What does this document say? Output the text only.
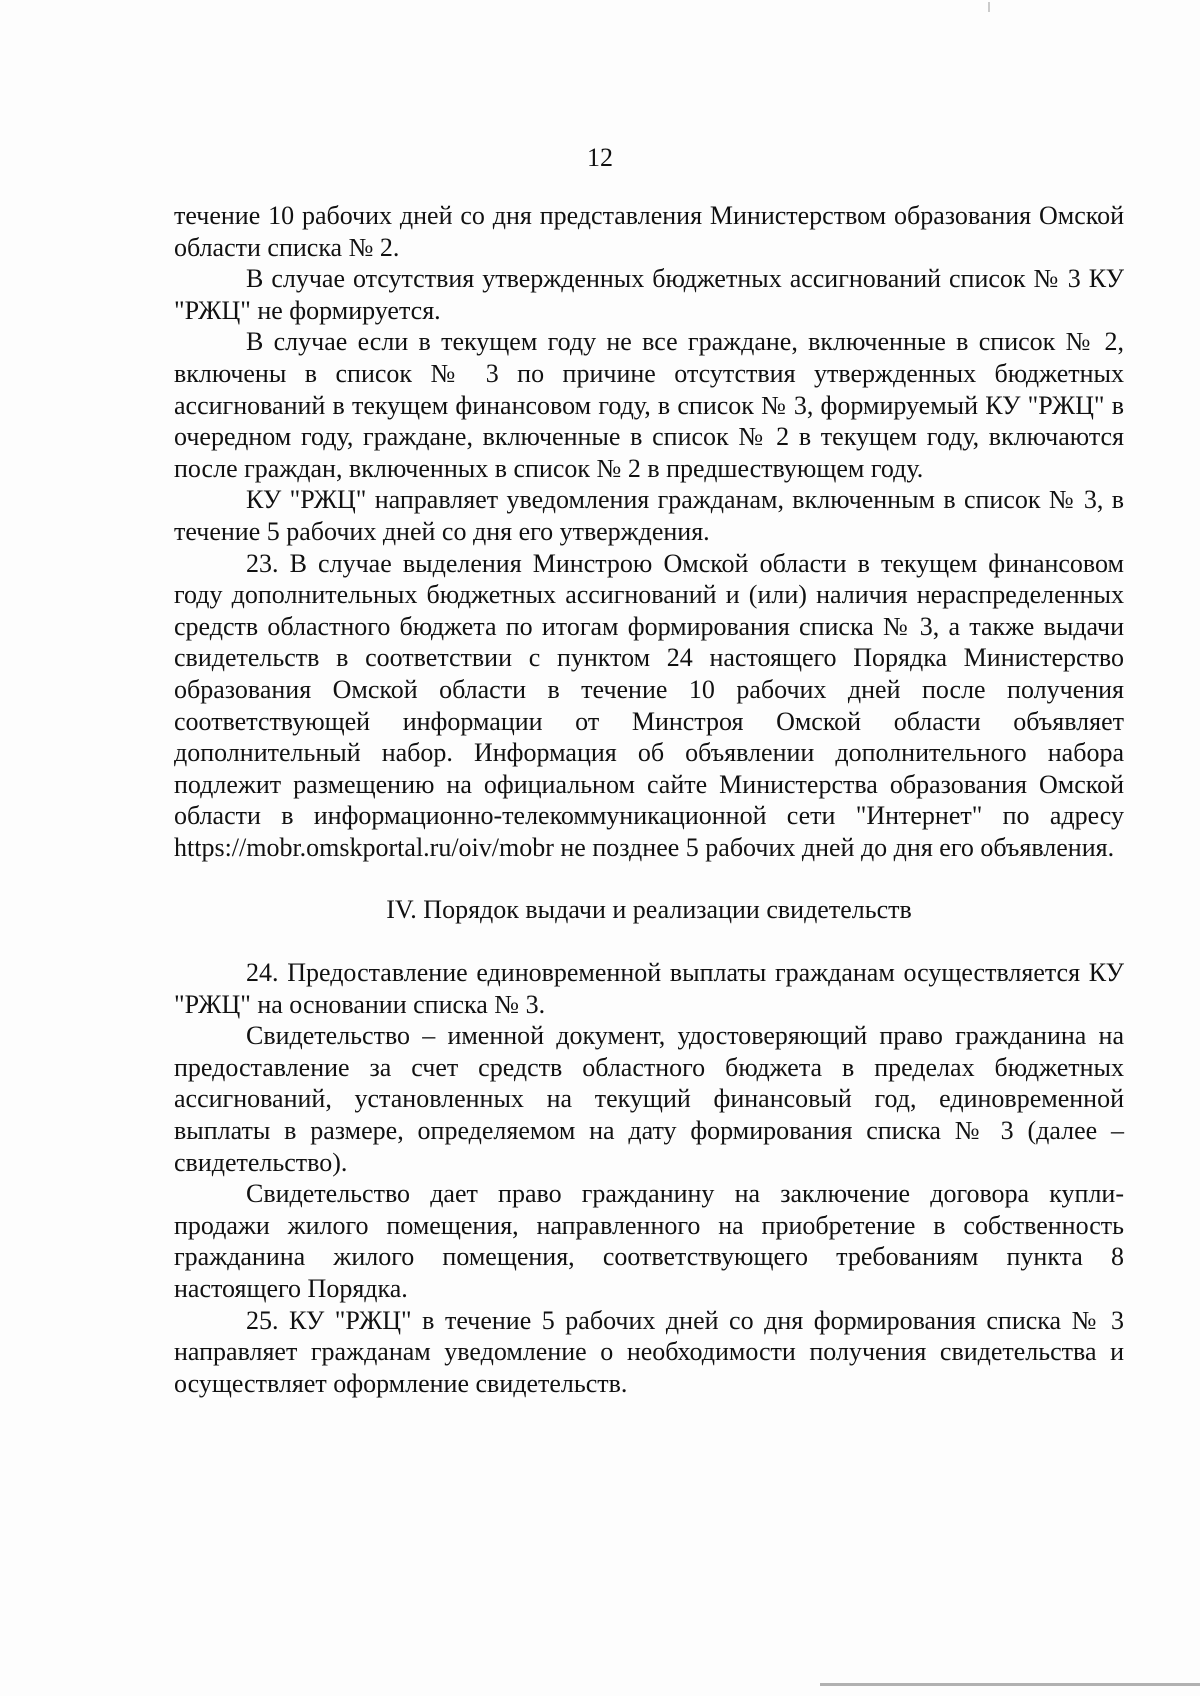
12

течение 10 рабочих дней со дня представления Министерством образования Омской области списка № 2.

В случае отсутствия утвержденных бюджетных ассигнований список № 3 КУ "РЖЦ" не формируется.

В случае если в текущем году не все граждане, включенные в список № 2, включены в список № 3 по причине отсутствия утвержденных бюджетных ассигнований в текущем финансовом году, в список № 3, формируемый КУ "РЖЦ" в очередном году, граждане, включенные в список № 2 в текущем году, включаются после граждан, включенных в список № 2 в предшествующем году.

КУ "РЖЦ" направляет уведомления гражданам, включенным в список № 3, в течение 5 рабочих дней со дня его утверждения.

23. В случае выделения Минстрою Омской области в текущем финансовом году дополнительных бюджетных ассигнований и (или) наличия нераспределенных средств областного бюджета по итогам формирования списка № 3, а также выдачи свидетельств в соответствии с пунктом 24 настоящего Порядка Министерство образования Омской области в течение 10 рабочих дней после получения соответствующей информации от Минстроя Омской области объявляет дополнительный набор. Информация об объявлении дополнительного набора подлежит размещению на официальном сайте Министерства образования Омской области в информационно-телекоммуникационной сети "Интернет" по адресу https://mobr.omskportal.ru/oiv/mobr не позднее 5 рабочих дней до дня его объявления.

IV. Порядок выдачи и реализации свидетельств

24. Предоставление единовременной выплаты гражданам осуществляется КУ "РЖЦ" на основании списка № 3.

Свидетельство – именной документ, удостоверяющий право гражданина на предоставление за счет средств областного бюджета в пределах бюджетных ассигнований, установленных на текущий финансовый год, единовременной выплаты в размере, определяемом на дату формирования списка № 3 (далее – свидетельство).

Свидетельство дает право гражданину на заключение договора купли-продажи жилого помещения, направленного на приобретение в собственность гражданина жилого помещения, соответствующего требованиям пункта 8 настоящего Порядка.

25. КУ "РЖЦ" в течение 5 рабочих дней со дня формирования списка № 3 направляет гражданам уведомление о необходимости получения свидетельства и осуществляет оформление свидетельств.
